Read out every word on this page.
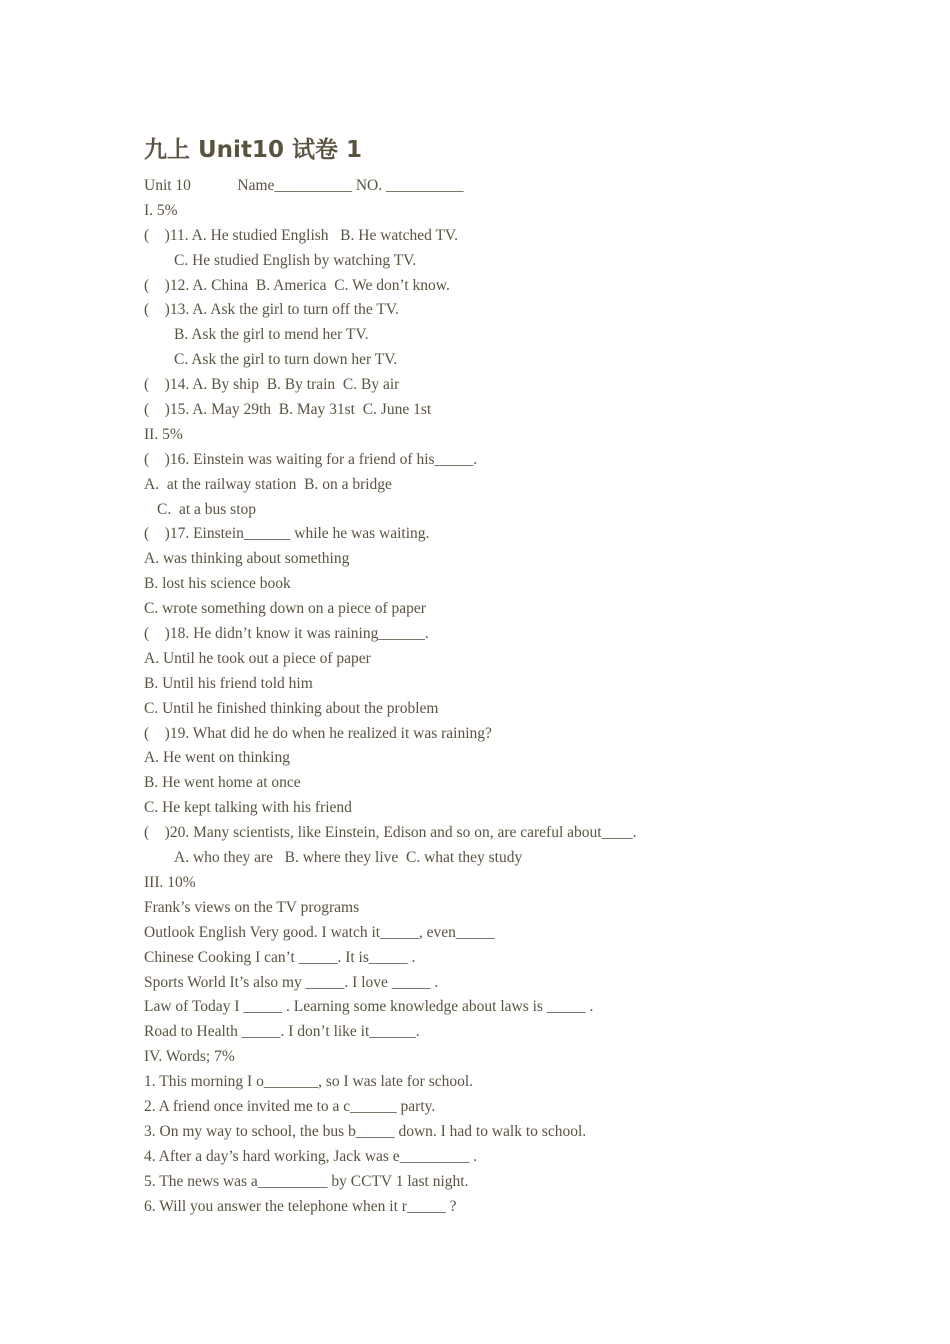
九上 Unit10 试卷 1
Unit 10            Name__________ NO. __________
I. 5%
(    )11. A. He studied English   B. He watched TV.
C. He studied English by watching TV.
(    )12. A. China  B. America  C. We don’t know.
(    )13. A. Ask the girl to turn off the TV.
B. Ask the girl to mend her TV.
C. Ask the girl to turn down her TV.
(    )14. A. By ship  B. By train  C. By air
(    )15. A. May 29th  B. May 31st  C. June 1st
II. 5%
(    )16. Einstein was waiting for a friend of his_____.
A.  at the railway station  B. on a bridge
C.  at a bus stop
(    )17. Einstein______ while he was waiting.
A. was thinking about something
B. lost his science book
C. wrote something down on a piece of paper
(    )18. He didn’t know it was raining______.
A. Until he took out a piece of paper
B. Until his friend told him
C. Until he finished thinking about the problem
(    )19. What did he do when he realized it was raining?
A. He went on thinking
B. He went home at once
C. He kept talking with his friend
(    )20. Many scientists, like Einstein, Edison and so on, are careful about____.
A. who they are   B. where they live  C. what they study
III. 10%
Frank’s views on the TV programs
Outlook English Very good. I watch it_____, even_____
Chinese Cooking I can’t _____. It is_____ .
Sports World It’s also my _____. I love _____ .
Law of Today I _____ . Learning some knowledge about laws is _____ .
Road to Health _____. I don’t like it______.
IV. Words; 7%
1. This morning I o_______, so I was late for school.
2. A friend once invited me to a c______ party.
3. On my way to school, the bus b_____ down. I had to walk to school.
4. After a day’s hard working, Jack was e_________ .
5. The news was a_________ by CCTV 1 last night.
6. Will you answer the telephone when it r_____ ?
